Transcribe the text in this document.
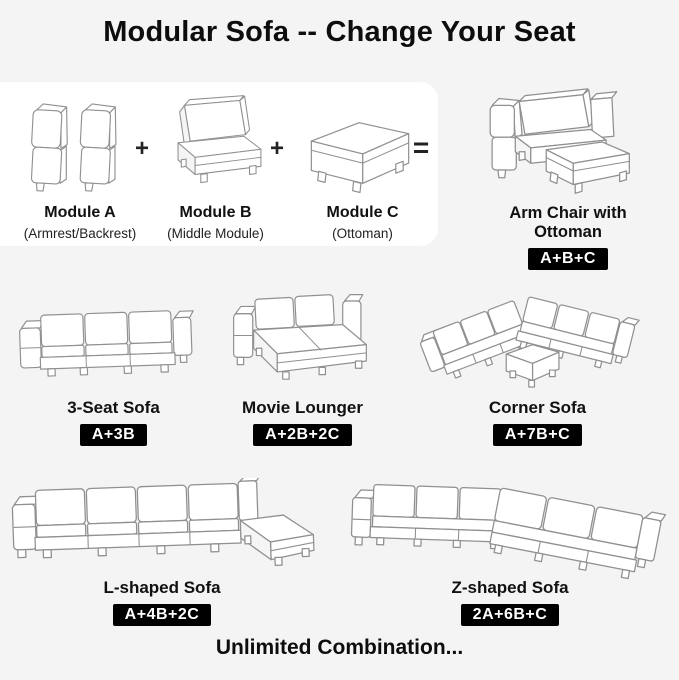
Modular Sofa -- Change Your Seat
Module A
(Armrest/Backrest)
+
Module B
(Middle Module)
+
Module C
(Ottoman)
=
Arm Chair with Ottoman
A+B+C
3-Seat Sofa
A+3B
Movie Lounger
A+2B+2C
Corner Sofa
A+7B+C
L-shaped Sofa
A+4B+2C
Z-shaped Sofa
2A+6B+C
Unlimited Combination...
